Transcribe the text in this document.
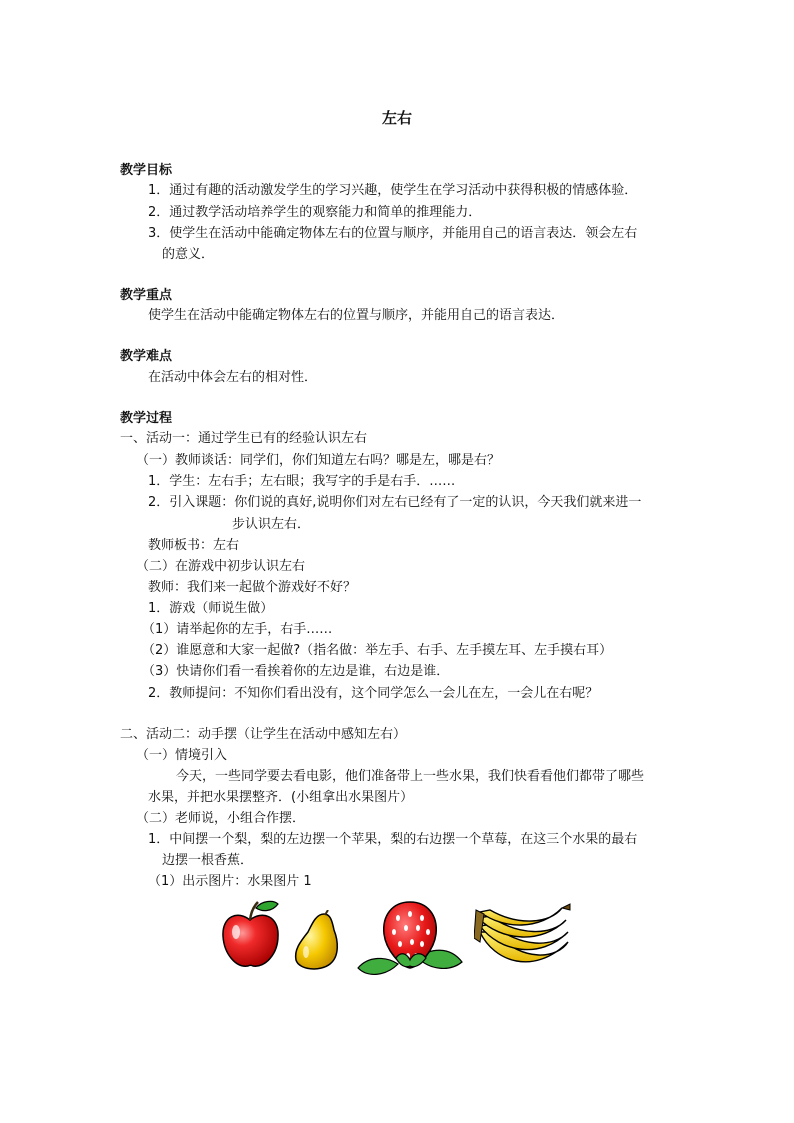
左右
教学目标
1．通过有趣的活动激发学生的学习兴趣，使学生在学习活动中获得积极的情感体验．
2．通过教学活动培养学生的观察能力和简单的推理能力．
3．使学生在活动中能确定物体左右的位置与顺序，并能用自己的语言表达．领会左右
的意义．
教学重点
使学生在活动中能确定物体左右的位置与顺序，并能用自己的语言表达．
教学难点
在活动中体会左右的相对性．
教学过程
一、活动一：通过学生已有的经验认识左右
（一）教师谈话：同学们，你们知道左右吗？哪是左，哪是右？
1．学生：左右手；左右眼；我写字的手是右手．……
2．引入课题：你们说的真好,说明你们对左右已经有了一定的认识，今天我们就来进一
步认识左右．
教师板书：左右
（二）在游戏中初步认识左右
教师：我们来一起做个游戏好不好？
1．游戏（师说生做）
（1）请举起你的左手，右手……
（2）谁愿意和大家一起做?（指名做：举左手、右手、左手摸左耳、左手摸右耳）
（3）快请你们看一看挨着你的左边是谁，右边是谁．
2．教师提问：不知你们看出没有，这个同学怎么一会儿在左，一会儿在右呢？
二、活动二：动手摆（让学生在活动中感知左右）
（一）情境引入
今天，一些同学要去看电影，他们准备带上一些水果，我们快看看他们都带了哪些
水果，并把水果摆整齐．(小组拿出水果图片）
（二）老师说，小组合作摆．
1．中间摆一个梨，梨的左边摆一个苹果，梨的右边摆一个草莓，在这三个水果的最右
边摆一根香蕉．
（1）出示图片：水果图片 1
